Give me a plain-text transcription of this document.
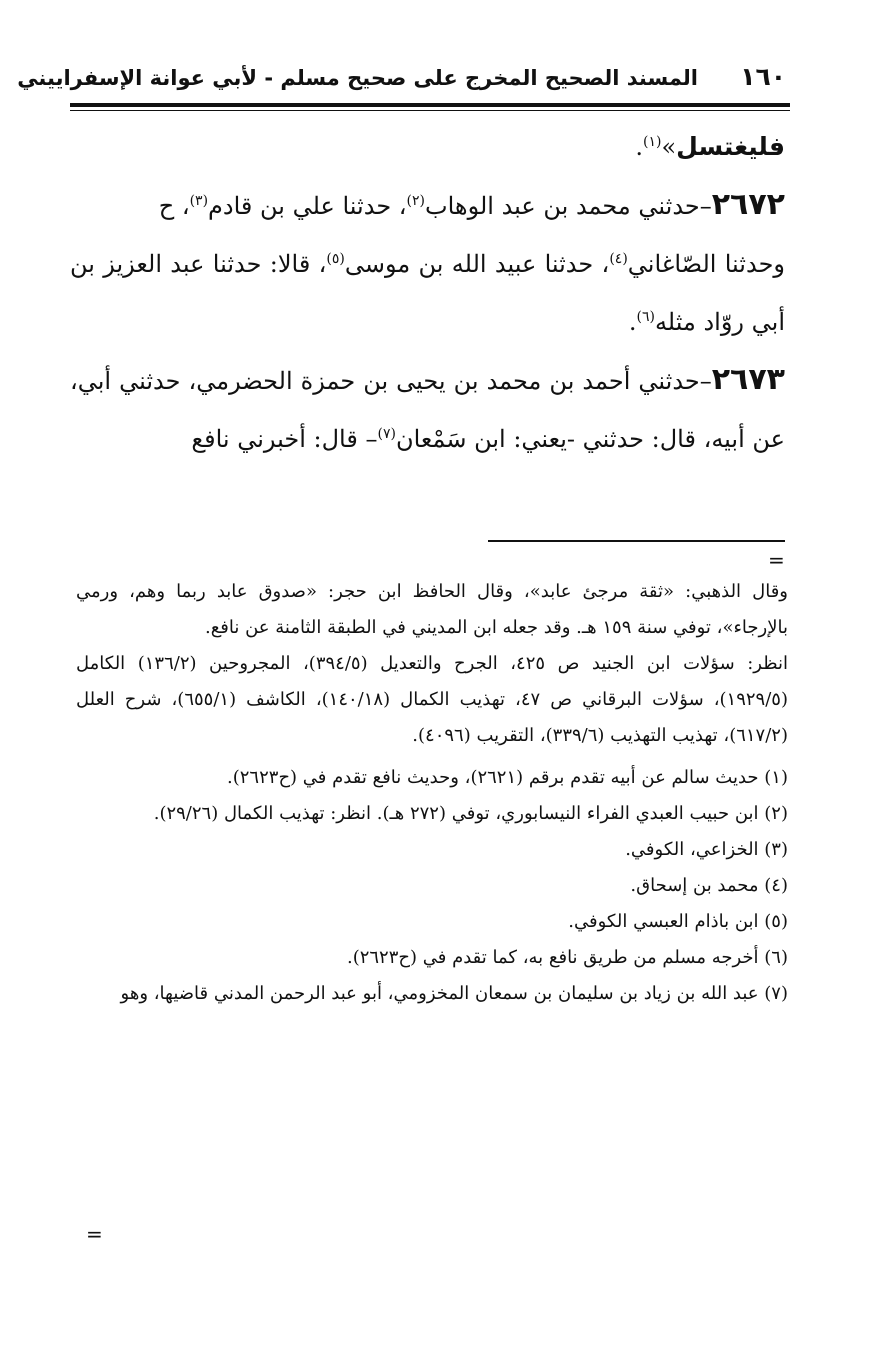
١٦٠
المسند الصحيح المخرج على صحيح مسلم - لأبي عوانة الإسفراييني

فليغتسل»$^{(١)}$.

٢٦٧٢–حدثني محمد بن عبد الوهاب$^{(٢)}$، حدثنا علي بن قادم$^{(٣)}$، ح

وحدثنا الصّاغاني$^{(٤)}$، حدثنا عبيد الله بن موسى$^{(٥)}$، قالا: حدثنا عبد العزيز بن أبي روّاد مثله$^{(٦)}$.

٢٦٧٣–حدثني أحمد بن محمد بن يحيى بن حمزة الحضرمي، حدثني أبي، عن أبيه، قال: حدثني -يعني: ابن سَمْعان$^{(٧)}$– قال: أخبرني نافع

=

وقال الذهبي: «ثقة مرجئ عابد»، وقال الحافظ ابن حجر: «صدوق عابد ربما وهم، ورمي بالإرجاء»، توفي سنة ١٥٩ هـ. وقد جعله ابن المديني في الطبقة الثامنة عن نافع.

انظر: سؤلات ابن الجنيد ص ٤٢٥، الجرح والتعديل (٣٩٤/٥)، المجروحين (١٣٦/٢) الكامل (١٩٢٩/٥)، سؤلات البرقاني ص ٤٧، تهذيب الكمال (١٤٠/١٨)، الكاشف (٦٥٥/١)، شرح العلل (٦١٧/٢)، تهذيب التهذيب (٣٣٩/٦)، التقريب (٤٠٩٦).

(١) حديث سالم عن أبيه تقدم برقم (٢٦٢١)، وحديث نافع تقدم في (ح٢٦٢٣).

(٢) ابن حبيب العبدي الفراء النيسابوري، توفي (٢٧٢ هـ). انظر: تهذيب الكمال (٢٩/٢٦).

(٣) الخزاعي، الكوفي.

(٤) محمد بن إسحاق.

(٥) ابن باذام العبسي الكوفي.

(٦) أخرجه مسلم من طريق نافع به، كما تقدم في (ح٢٦٢٣).

(٧) عبد الله بن زياد بن سليمان بن سمعان المخزومي، أبو عبد الرحمن المدني قاضيها، وهو

=
